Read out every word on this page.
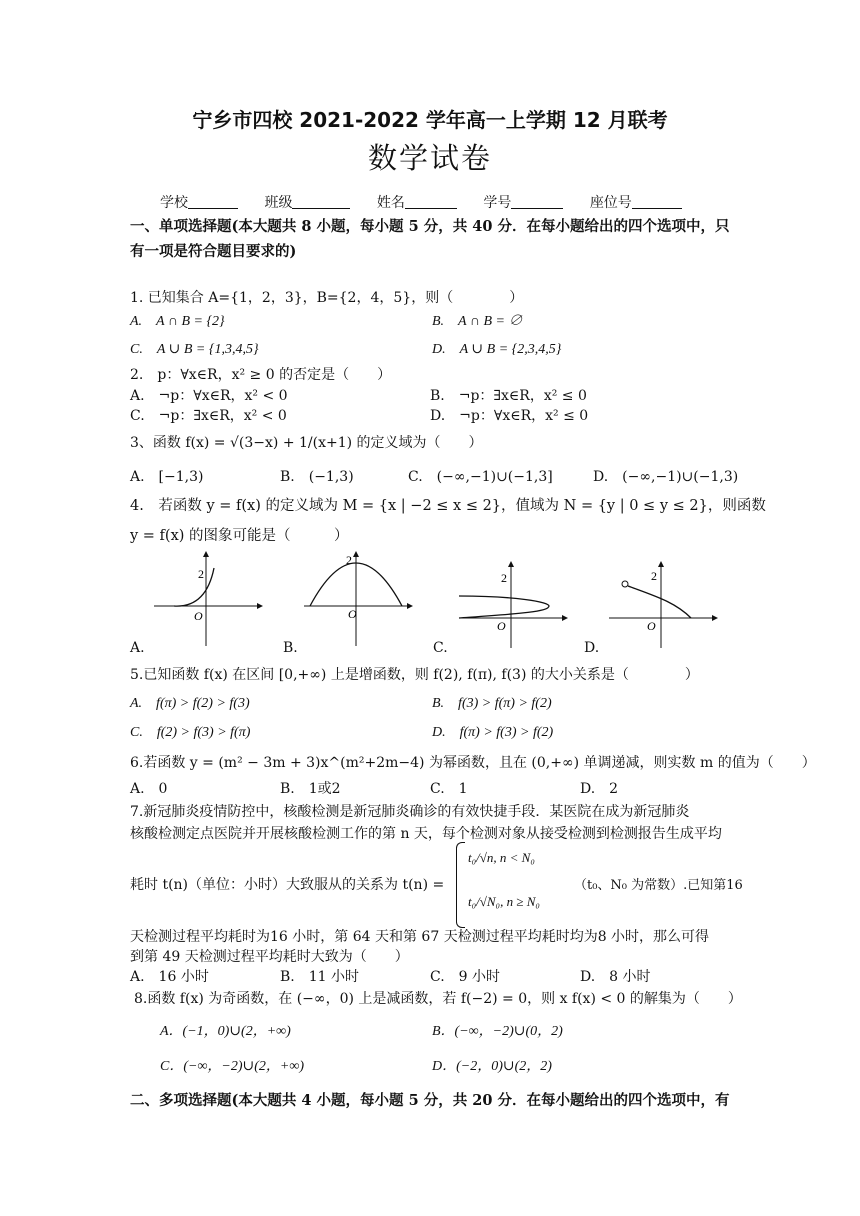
宁乡市四校 2021-2022 学年高一上学期 12 月联考
数学试卷
学校	班级	姓名	学号	座位号
一、单项选择题(本大题共 8 小题，每小题 5 分，共 40 分．在每小题给出的四个选项中，只
有一项是符合题目要求的)
1. 已知集合 A={1，2，3}，B={2，4，5}，则（　　　　）
A.　A ∩ B = {2}	B.　A ∩ B = ∅
C.　A ∪ B = {1,3,4,5}	D.　A ∪ B = {2,3,4,5}
2.　p：∀x∈R，x² ≥ 0 的否定是（　　）
A.　¬p：∀x∈R，x² < 0	B.　¬p：∃x∈R，x² ≤ 0
C.　¬p：∃x∈R，x² < 0	D.　¬p：∀x∈R，x² ≤ 0
3、函数 f(x) = √(3−x) + 1/(x+1) 的定义域为（　　）
A.　[−1,3)	B.　(−1,3)	C.　(−∞,−1)∪(−1,3]	D.　(−∞,−1)∪(−1,3)
4.　若函数 y = f(x) 的定义域为 M = {x | −2 ≤ x ≤ 2}，值域为 N = {y | 0 ≤ y ≤ 2}，则函数
y = f(x) 的图象可能是（　　　）
2
O
A.
2
O
B.
2
O
C.
2
O
D.
5.已知函数 f(x) 在区间 [0,+∞) 上是增函数，则 f(2), f(π), f(3) 的大小关系是（　　　　）
A.　f(π) > f(2) > f(3)	B.　f(3) > f(π) > f(2)
C.　f(2) > f(3) > f(π)	D.　f(π) > f(3) > f(2)
6.若函数 y = (m² − 3m + 3)x^(m²+2m−4) 为幂函数，且在 (0,+∞) 单调递减，则实数 m 的值为（　　）
A.　0	B.　1或2	C.　1	D.　2
7.新冠肺炎疫情防控中，核酸检测是新冠肺炎确诊的有效快捷手段．某医院在成为新冠肺炎
核酸检测定点医院并开展核酸检测工作的第 n 天，每个检测对象从接受检测到检测报告生成平均
耗时 t(n)（单位：小时）大致服从的关系为 t(n) =
t₀/√n, n < N₀
t₀/√N₀, n ≥ N₀
（t₀、N₀ 为常数）.已知第16
天检测过程平均耗时为16 小时，第 64 天和第 67 天检测过程平均耗时均为8 小时，那么可得
到第 49 天检测过程平均耗时大致为（　　）
A.　16 小时	B.　11 小时	C.　9 小时	D.　8 小时
8.函数 f(x) 为奇函数，在 (−∞，0) 上是减函数，若 f(−2) = 0，则 x f(x) < 0 的解集为（　　）
A．(−1，0)∪(2，+∞)	B．(−∞，−2)∪(0，2)
C．(−∞，−2)∪(2，+∞)	D．(−2，0)∪(2，2)
二、多项选择题(本大题共 4 小题，每小题 5 分，共 20 分．在每小题给出的四个选项中，有
